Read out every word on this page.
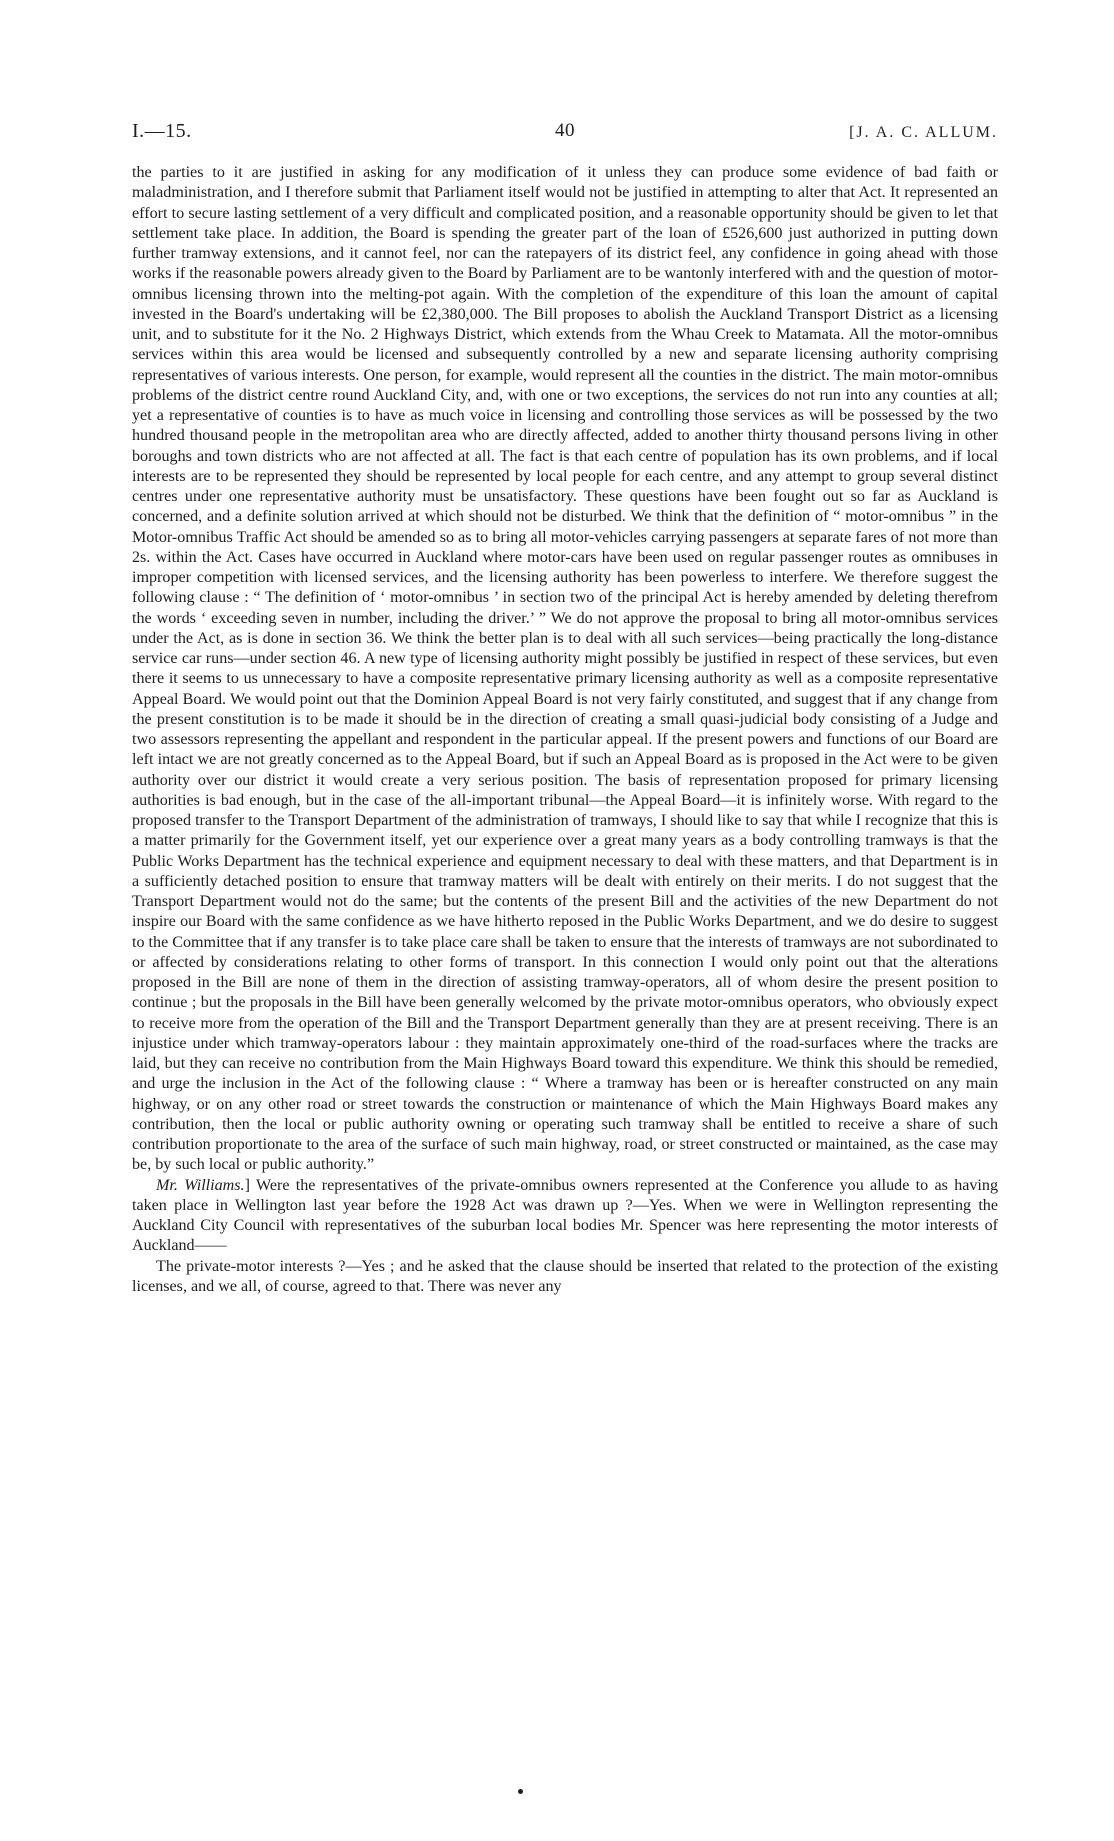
I.—15.	40	[J. A. C. ALLUM.

the parties to it are justified in asking for any modification of it unless they can produce some evidence of bad faith or maladministration, and I therefore submit that Parliament itself would not be justified in attempting to alter that Act. It represented an effort to secure lasting settlement of a very difficult and complicated position, and a reasonable opportunity should be given to let that settlement take place. In addition, the Board is spending the greater part of the loan of £526,600 just authorized in putting down further tramway extensions, and it cannot feel, nor can the ratepayers of its district feel, any confidence in going ahead with those works if the reasonable powers already given to the Board by Parliament are to be wantonly interfered with and the question of motor-omnibus licensing thrown into the melting-pot again. With the completion of the expenditure of this loan the amount of capital invested in the Board's undertaking will be £2,380,000. The Bill proposes to abolish the Auckland Transport District as a licensing unit, and to substitute for it the No. 2 Highways District, which extends from the Whau Creek to Matamata. All the motor-omnibus services within this area would be licensed and subsequently controlled by a new and separate licensing authority comprising representatives of various interests. One person, for example, would represent all the counties in the district. The main motor-omnibus problems of the district centre round Auckland City, and, with one or two exceptions, the services do not run into any counties at all; yet a representative of counties is to have as much voice in licensing and controlling those services as will be possessed by the two hundred thousand people in the metropolitan area who are directly affected, added to another thirty thousand persons living in other boroughs and town districts who are not affected at all. The fact is that each centre of population has its own problems, and if local interests are to be represented they should be represented by local people for each centre, and any attempt to group several distinct centres under one representative authority must be unsatisfactory. These questions have been fought out so far as Auckland is concerned, and a definite solution arrived at which should not be disturbed. We think that the definition of “ motor-omnibus ” in the Motor-omnibus Traffic Act should be amended so as to bring all motor-vehicles carrying passengers at separate fares of not more than 2s. within the Act. Cases have occurred in Auckland where motor-cars have been used on regular passenger routes as omnibuses in improper competition with licensed services, and the licensing authority has been powerless to interfere. We therefore suggest the following clause : “ The definition of ‘ motor-omnibus ’ in section two of the principal Act is hereby amended by deleting therefrom the words ‘ exceeding seven in number, including the driver.’ ” We do not approve the proposal to bring all motor-omnibus services under the Act, as is done in section 36. We think the better plan is to deal with all such services—being practically the long-distance service car runs—under section 46. A new type of licensing authority might possibly be justified in respect of these services, but even there it seems to us unnecessary to have a composite representative primary licensing authority as well as a composite representative Appeal Board. We would point out that the Dominion Appeal Board is not very fairly constituted, and suggest that if any change from the present constitution is to be made it should be in the direction of creating a small quasi-judicial body consisting of a Judge and two assessors representing the appellant and respondent in the particular appeal. If the present powers and functions of our Board are left intact we are not greatly concerned as to the Appeal Board, but if such an Appeal Board as is proposed in the Act were to be given authority over our district it would create a very serious position. The basis of representation proposed for primary licensing authorities is bad enough, but in the case of the all-important tribunal—the Appeal Board—it is infinitely worse. With regard to the proposed transfer to the Transport Department of the administration of tramways, I should like to say that while I recognize that this is a matter primarily for the Government itself, yet our experience over a great many years as a body controlling tramways is that the Public Works Department has the technical experience and equipment necessary to deal with these matters, and that Department is in a sufficiently detached position to ensure that tramway matters will be dealt with entirely on their merits. I do not suggest that the Transport Department would not do the same; but the contents of the present Bill and the activities of the new Department do not inspire our Board with the same confidence as we have hitherto reposed in the Public Works Department, and we do desire to suggest to the Committee that if any transfer is to take place care shall be taken to ensure that the interests of tramways are not subordinated to or affected by considerations relating to other forms of transport. In this connection I would only point out that the alterations proposed in the Bill are none of them in the direction of assisting tramway-operators, all of whom desire the present position to continue ; but the proposals in the Bill have been generally welcomed by the private motor-omnibus operators, who obviously expect to receive more from the operation of the Bill and the Transport Department generally than they are at present receiving. There is an injustice under which tramway-operators labour : they maintain approximately one-third of the road-surfaces where the tracks are laid, but they can receive no contribution from the Main Highways Board toward this expenditure. We think this should be remedied, and urge the inclusion in the Act of the following clause : “ Where a tramway has been or is hereafter constructed on any main highway, or on any other road or street towards the construction or maintenance of which the Main Highways Board makes any contribution, then the local or public authority owning or operating such tramway shall be entitled to receive a share of such contribution proportionate to the area of the surface of such main highway, road, or street constructed or maintained, as the case may be, by such local or public authority.”

Mr. Williams.] Were the representatives of the private-omnibus owners represented at the Conference you allude to as having taken place in Wellington last year before the 1928 Act was drawn up ?—Yes. When we were in Wellington representing the Auckland City Council with representatives of the suburban local bodies Mr. Spencer was here representing the motor interests of Auckland——

The private-motor interests ?—Yes ; and he asked that the clause should be inserted that related to the protection of the existing licenses, and we all, of course, agreed to that. There was never any
